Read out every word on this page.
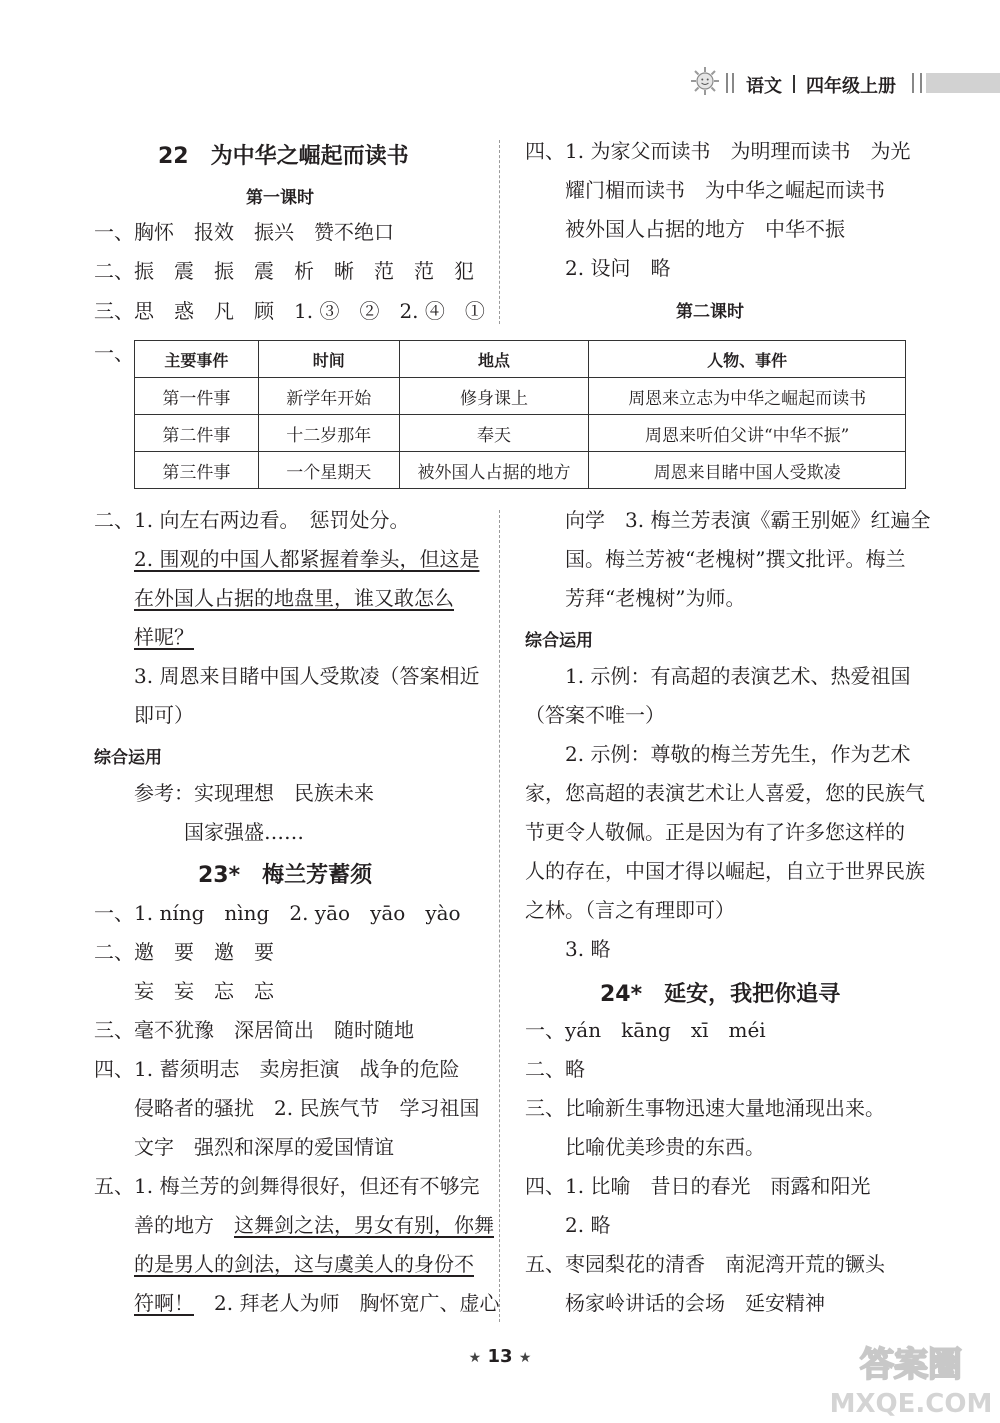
语文 四年级上册
22　为中华之崛起而读书
第一课时
一、胸怀　报效　振兴　赞不绝口
二、振　震　振　震　析　晰　范　范　犯
三、思　惑　凡　顾　1. ③　②　2. ④　①
四、1. 为家父而读书　为明理而读书　为光
耀门楣而读书　为中华之崛起而读书
被外国人占据的地方　中华不振
2. 设问　略
第二课时
一、 主要事件	时间	地点	人物、事件
第一件事	新学年开始	修身课上	周恩来立志为中华之崛起而读书
第二件事	十二岁那年	奉天	周恩来听伯父讲“中华不振”
第三件事	一个星期天	被外国人占据的地方	周恩来目睹中国人受欺凌
二、1. 向左右两边看。　惩罚处分。
2. 围观的中国人都紧握着拳头，但这是
在外国人占据的地盘里，谁又敢怎么
样呢？
3. 周恩来目睹中国人受欺凌（答案相近
即可）
综合运用
参考：实现理想　民族未来
国家强盛……
23*　梅兰芳蓄须
一、1. níng　nìng　2. yāo　yāo　yào
二、邀　要　邀　要
妄　妄　忘　忘
三、毫不犹豫　深居简出　随时随地
四、1. 蓄须明志　卖房拒演　战争的危险
侵略者的骚扰　2. 民族气节　学习祖国
文字　强烈和深厚的爱国情谊
五、1. 梅兰芳的剑舞得很好，但还有不够完
善的地方　这舞剑之法，男女有别，你舞
的是男人的剑法，这与虞美人的身份不
符啊！　2. 拜老人为师　胸怀宽广、虚心
向学　3. 梅兰芳表演《霸王别姬》红遍全
国。梅兰芳被“老槐树”撰文批评。梅兰
芳拜“老槐树”为师。
综合运用
1. 示例：有高超的表演艺术、热爱祖国
（答案不唯一）
2. 示例：尊敬的梅兰芳先生，作为艺术
家，您高超的表演艺术让人喜爱，您的民族气
节更令人敬佩。正是因为有了许多您这样的
人的存在，中国才得以崛起，自立于世界民族
之林。（言之有理即可）
3. 略
24*　延安，我把你追寻
一、yán　kāng　xī　méi
二、略
三、比喻新生事物迅速大量地涌现出来。
比喻优美珍贵的东西。
四、1. 比喻　昔日的春光　雨露和阳光
2. 略
五、枣园梨花的清香　南泥湾开荒的镢头
杨家岭讲话的会场　延安精神
★ 13 ★	答案圈
MXQE.COM
